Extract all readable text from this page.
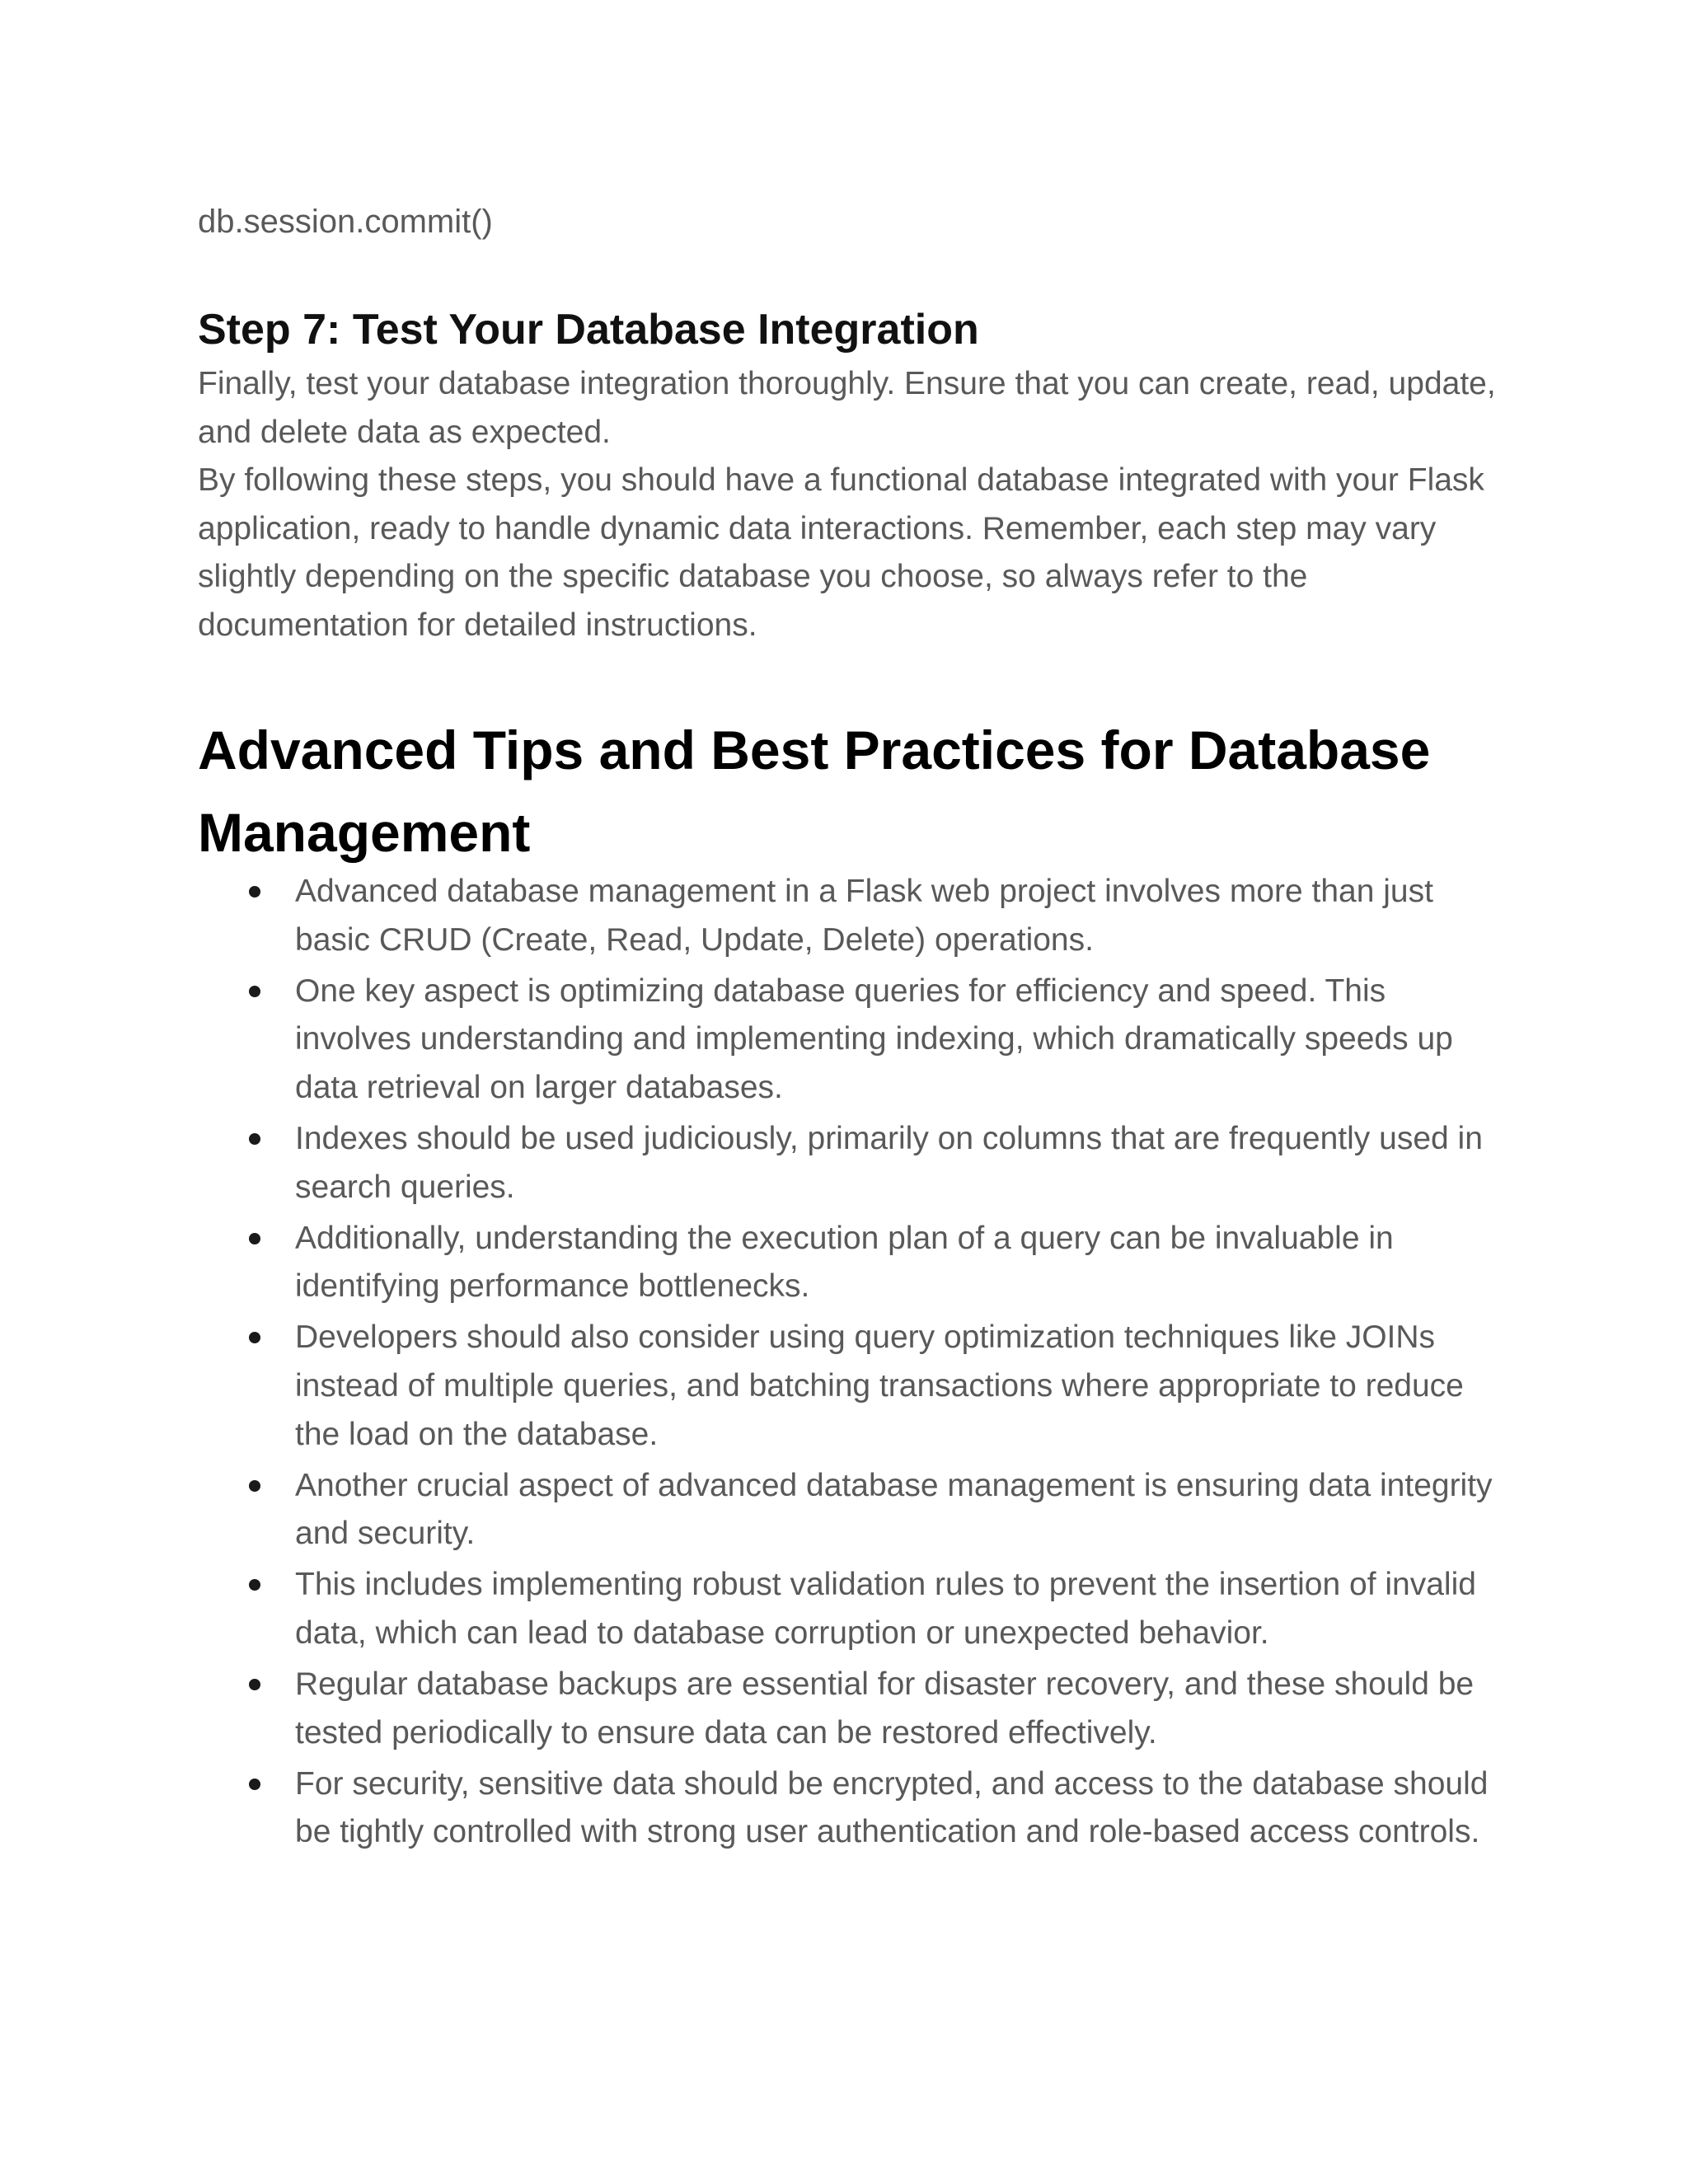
db.session.commit()
Step 7: Test Your Database Integration

Finally, test your database integration thoroughly. Ensure that you can create, read, update, and delete data as expected.

By following these steps, you should have a functional database integrated with your Flask application, ready to handle dynamic data interactions. Remember, each step may vary slightly depending on the specific database you choose, so always refer to the documentation for detailed instructions.

Advanced Tips and Best Practices for Database Management
Advanced database management in a Flask web project involves more than just basic CRUD (Create, Read, Update, Delete) operations.
One key aspect is optimizing database queries for efficiency and speed. This involves understanding and implementing indexing, which dramatically speeds up data retrieval on larger databases.
Indexes should be used judiciously, primarily on columns that are frequently used in search queries.
Additionally, understanding the execution plan of a query can be invaluable in identifying performance bottlenecks.
Developers should also consider using query optimization techniques like JOINs instead of multiple queries, and batching transactions where appropriate to reduce the load on the database.
Another crucial aspect of advanced database management is ensuring data integrity and security.
This includes implementing robust validation rules to prevent the insertion of invalid data, which can lead to database corruption or unexpected behavior.
Regular database backups are essential for disaster recovery, and these should be tested periodically to ensure data can be restored effectively.
For security, sensitive data should be encrypted, and access to the database should be tightly controlled with strong user authentication and role-based access controls.
